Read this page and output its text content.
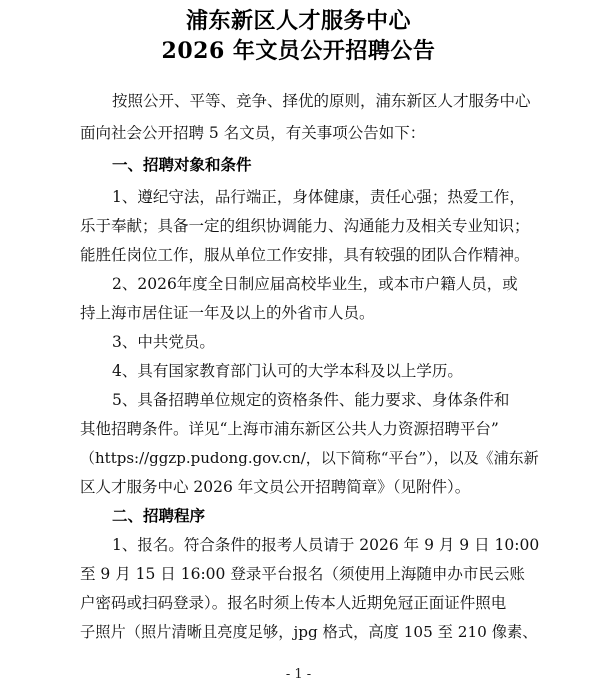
浦东新区人才服务中心
2026 年文员公开招聘公告
按照公开、平等、竞争、择优的原则，浦东新区人才服务中心
面向社会公开招聘 5 名文员，有关事项公告如下：
一、招聘对象和条件
1、遵纪守法，品行端正，身体健康，责任心强；热爱工作，
乐于奉献；具备一定的组织协调能力、沟通能力及相关专业知识；
能胜任岗位工作，服从单位工作安排，具有较强的团队合作精神。
2、2026年度全日制应届高校毕业生，或本市户籍人员，或
持上海市居住证一年及以上的外省市人员。
3、中共党员。
4、具有国家教育部门认可的大学本科及以上学历。
5、具备招聘单位规定的资格条件、能力要求、身体条件和
其他招聘条件。详见“上海市浦东新区公共人力资源招聘平台”
（https://ggzp.pudong.gov.cn/，以下简称“平台”），以及《浦东新
区人才服务中心 2026 年文员公开招聘简章》（见附件）。
二、招聘程序
1、报名。符合条件的报考人员请于 2026 年 9 月 9 日 10:00
至 9 月 15 日 16:00 登录平台报名（须使用上海随申办市民云账
户密码或扫码登录）。报名时须上传本人近期免冠正面证件照电
子照片（照片清晰且亮度足够，jpg 格式，高度 105 至 210 像素、
- 1 -
